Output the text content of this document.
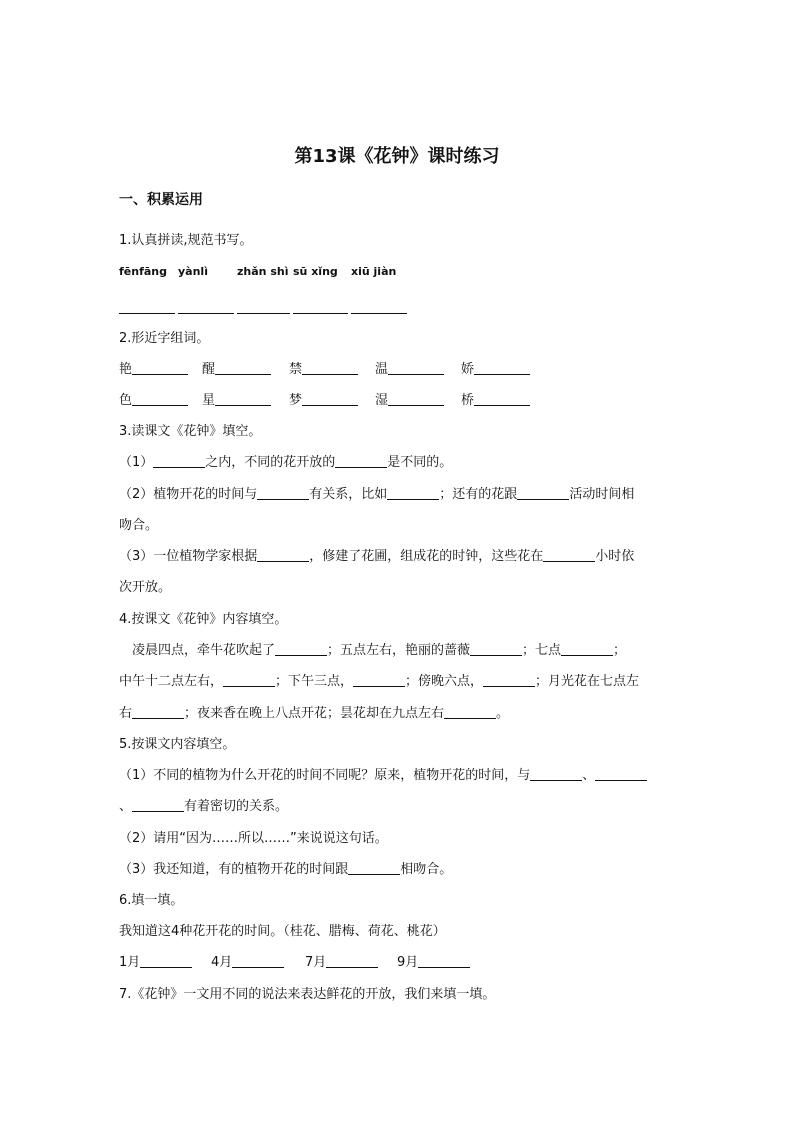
第13课《花钟》课时练习
一、积累运用
1.认真拼读,规范书写。
fēnfāng yànlì	zhǎn shì sū xǐng xiū jiàn
2.形近字组词。
艳	醒	禁	温	娇
色	星	梦	湿	桥
3.读课文《花钟》填空。
（1）	之内，不同的花开放的	是不同的。
（2）植物开花的时间与	有关系，比如	；还有的花跟	活动时间相
吻合。
（3）一位植物学家根据	，修建了花圃，组成花的时钟，这些花在	小时依
次开放。
4.按课文《花钟》内容填空。
凌晨四点，牵牛花吹起了	；五点左右，艳丽的蔷薇	；七点	；
中午十二点左右，	；下午三点，	；傍晚六点，	；月光花在七点左
右	；夜来香在晚上八点开花；昙花却在九点左右	。
5.按课文内容填空。
（1）不同的植物为什么开花的时间不同呢？原来，植物开花的时间，与	、
、	有着密切的关系。
（2）请用“因为……所以……”来说说这句话。
（3）我还知道，有的植物开花的时间跟	相吻合。
6.填一填。
我知道这4种花开花的时间。（桂花、腊梅、荷花、桃花）
1月	4月	7月	9月
7.《花钟》一文用不同的说法来表达鲜花的开放，我们来填一填。
